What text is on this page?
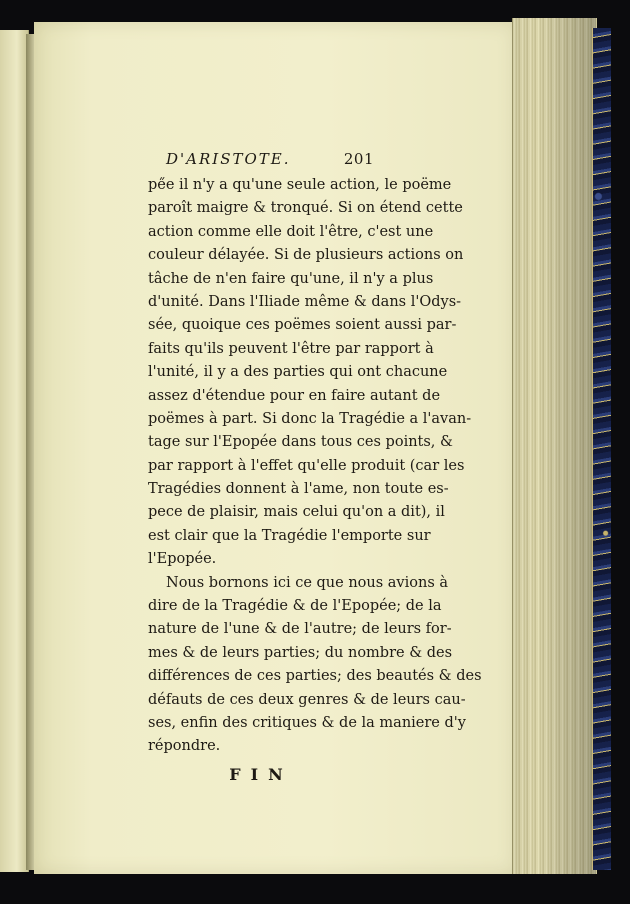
D'ARISTOTE.	201
pe̋e il n'y a qu'une seule action, le poëme
paroît maigre & tronqué. Si on étend cette
action comme elle doit l'être, c'est une
couleur délayée. Si de plusieurs actions on
tâche de n'en faire qu'une, il n'y a plus
d'unité. Dans l'Iliade même & dans l'Odys-
sée, quoique ces poëmes soient aussi par-
faits qu'ils peuvent l'être par rapport à
l'unité, il y a des parties qui ont chacune
assez d'étendue pour en faire autant de
poëmes à part. Si donc la Tragédie a l'avan-
tage sur l'Epopée dans tous ces points, &
par rapport à l'effet qu'elle produit (car les
Tragédies donnent à l'ame, non toute es-
pece de plaisir, mais celui qu'on a dit), il
est clair que la Tragédie l'emporte sur
l'Epopée.
Nous bornons ici ce que nous avions à
dire de la Tragédie & de l'Epopée; de la
nature de l'une & de l'autre; de leurs for-
mes & de leurs parties; du nombre & des
différences de ces parties; des beautés & des
défauts de ces deux genres & de leurs cau-
ses, enfin des critiques & de la maniere d'y
répondre.
FIN
